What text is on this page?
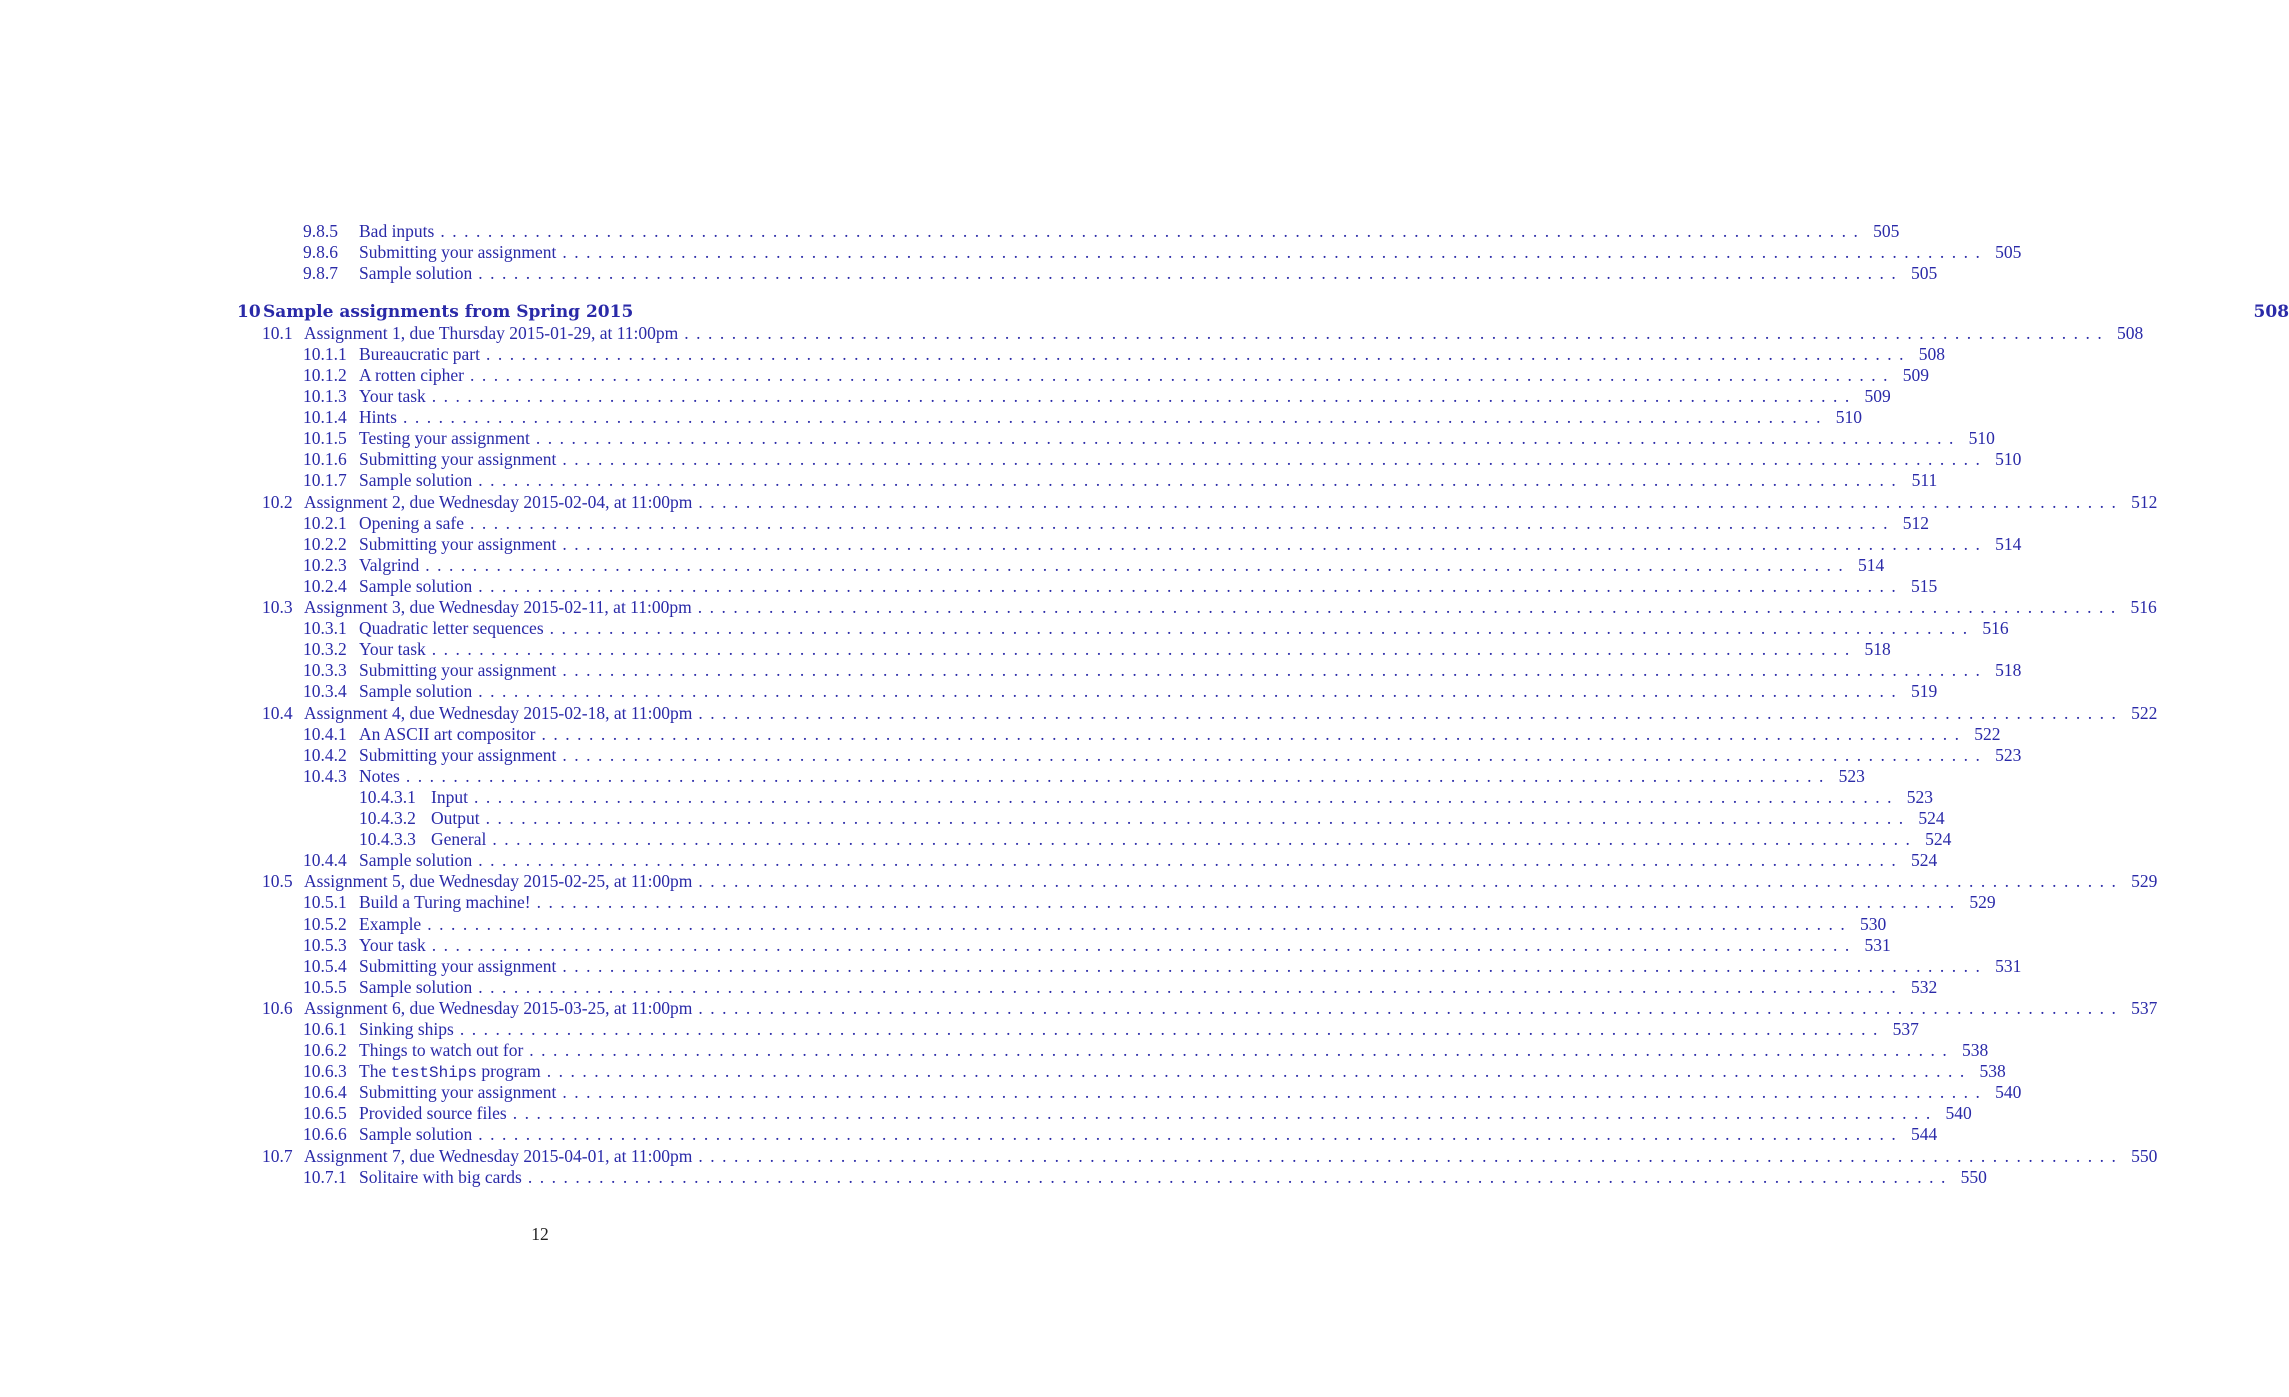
9.8.5	Bad inputs ........................................................................................................................ 505
9.8.6	Submitting your assignment ........................................................................................................................ 505
9.8.7	Sample solution ........................................................................................................................ 505
10 Sample assignments from Spring 2015	508
10.1 Assignment 1, due Thursday 2015-01-29, at 11:00pm ........................................................................................................................ 508
10.1.1 Bureaucratic part ........................................................................................................................ 508
10.1.2 A rotten cipher ........................................................................................................................ 509
10.1.3 Your task ........................................................................................................................ 509
10.1.4 Hints ........................................................................................................................ 510
10.1.5 Testing your assignment ........................................................................................................................ 510
10.1.6 Submitting your assignment ........................................................................................................................ 510
10.1.7 Sample solution ........................................................................................................................ 511
10.2 Assignment 2, due Wednesday 2015-02-04, at 11:00pm ........................................................................................................................ 512
10.2.1 Opening a safe ........................................................................................................................ 512
10.2.2 Submitting your assignment ........................................................................................................................ 514
10.2.3 Valgrind ........................................................................................................................ 514
10.2.4 Sample solution ........................................................................................................................ 515
10.3 Assignment 3, due Wednesday 2015-02-11, at 11:00pm ........................................................................................................................ 516
10.3.1 Quadratic letter sequences ........................................................................................................................ 516
10.3.2 Your task ........................................................................................................................ 518
10.3.3 Submitting your assignment ........................................................................................................................ 518
10.3.4 Sample solution ........................................................................................................................ 519
10.4 Assignment 4, due Wednesday 2015-02-18, at 11:00pm ........................................................................................................................ 522
10.4.1 An ASCII art compositor ........................................................................................................................ 522
10.4.2 Submitting your assignment ........................................................................................................................ 523
10.4.3 Notes ........................................................................................................................ 523
10.4.3.1 Input ........................................................................................................................ 523
10.4.3.2 Output ........................................................................................................................ 524
10.4.3.3 General ........................................................................................................................ 524
10.4.4 Sample solution ........................................................................................................................ 524
10.5 Assignment 5, due Wednesday 2015-02-25, at 11:00pm ........................................................................................................................ 529
10.5.1 Build a Turing machine! ........................................................................................................................ 529
10.5.2 Example ........................................................................................................................ 530
10.5.3 Your task ........................................................................................................................ 531
10.5.4 Submitting your assignment ........................................................................................................................ 531
10.5.5 Sample solution ........................................................................................................................ 532
10.6 Assignment 6, due Wednesday 2015-03-25, at 11:00pm ........................................................................................................................ 537
10.6.1 Sinking ships ........................................................................................................................ 537
10.6.2 Things to watch out for ........................................................................................................................ 538
10.6.3 The testShips program ........................................................................................................................ 538
10.6.4 Submitting your assignment ........................................................................................................................ 540
10.6.5 Provided source files ........................................................................................................................ 540
10.6.6 Sample solution ........................................................................................................................ 544
10.7 Assignment 7, due Wednesday 2015-04-01, at 11:00pm ........................................................................................................................ 550
10.7.1 Solitaire with big cards ........................................................................................................................ 550
12
